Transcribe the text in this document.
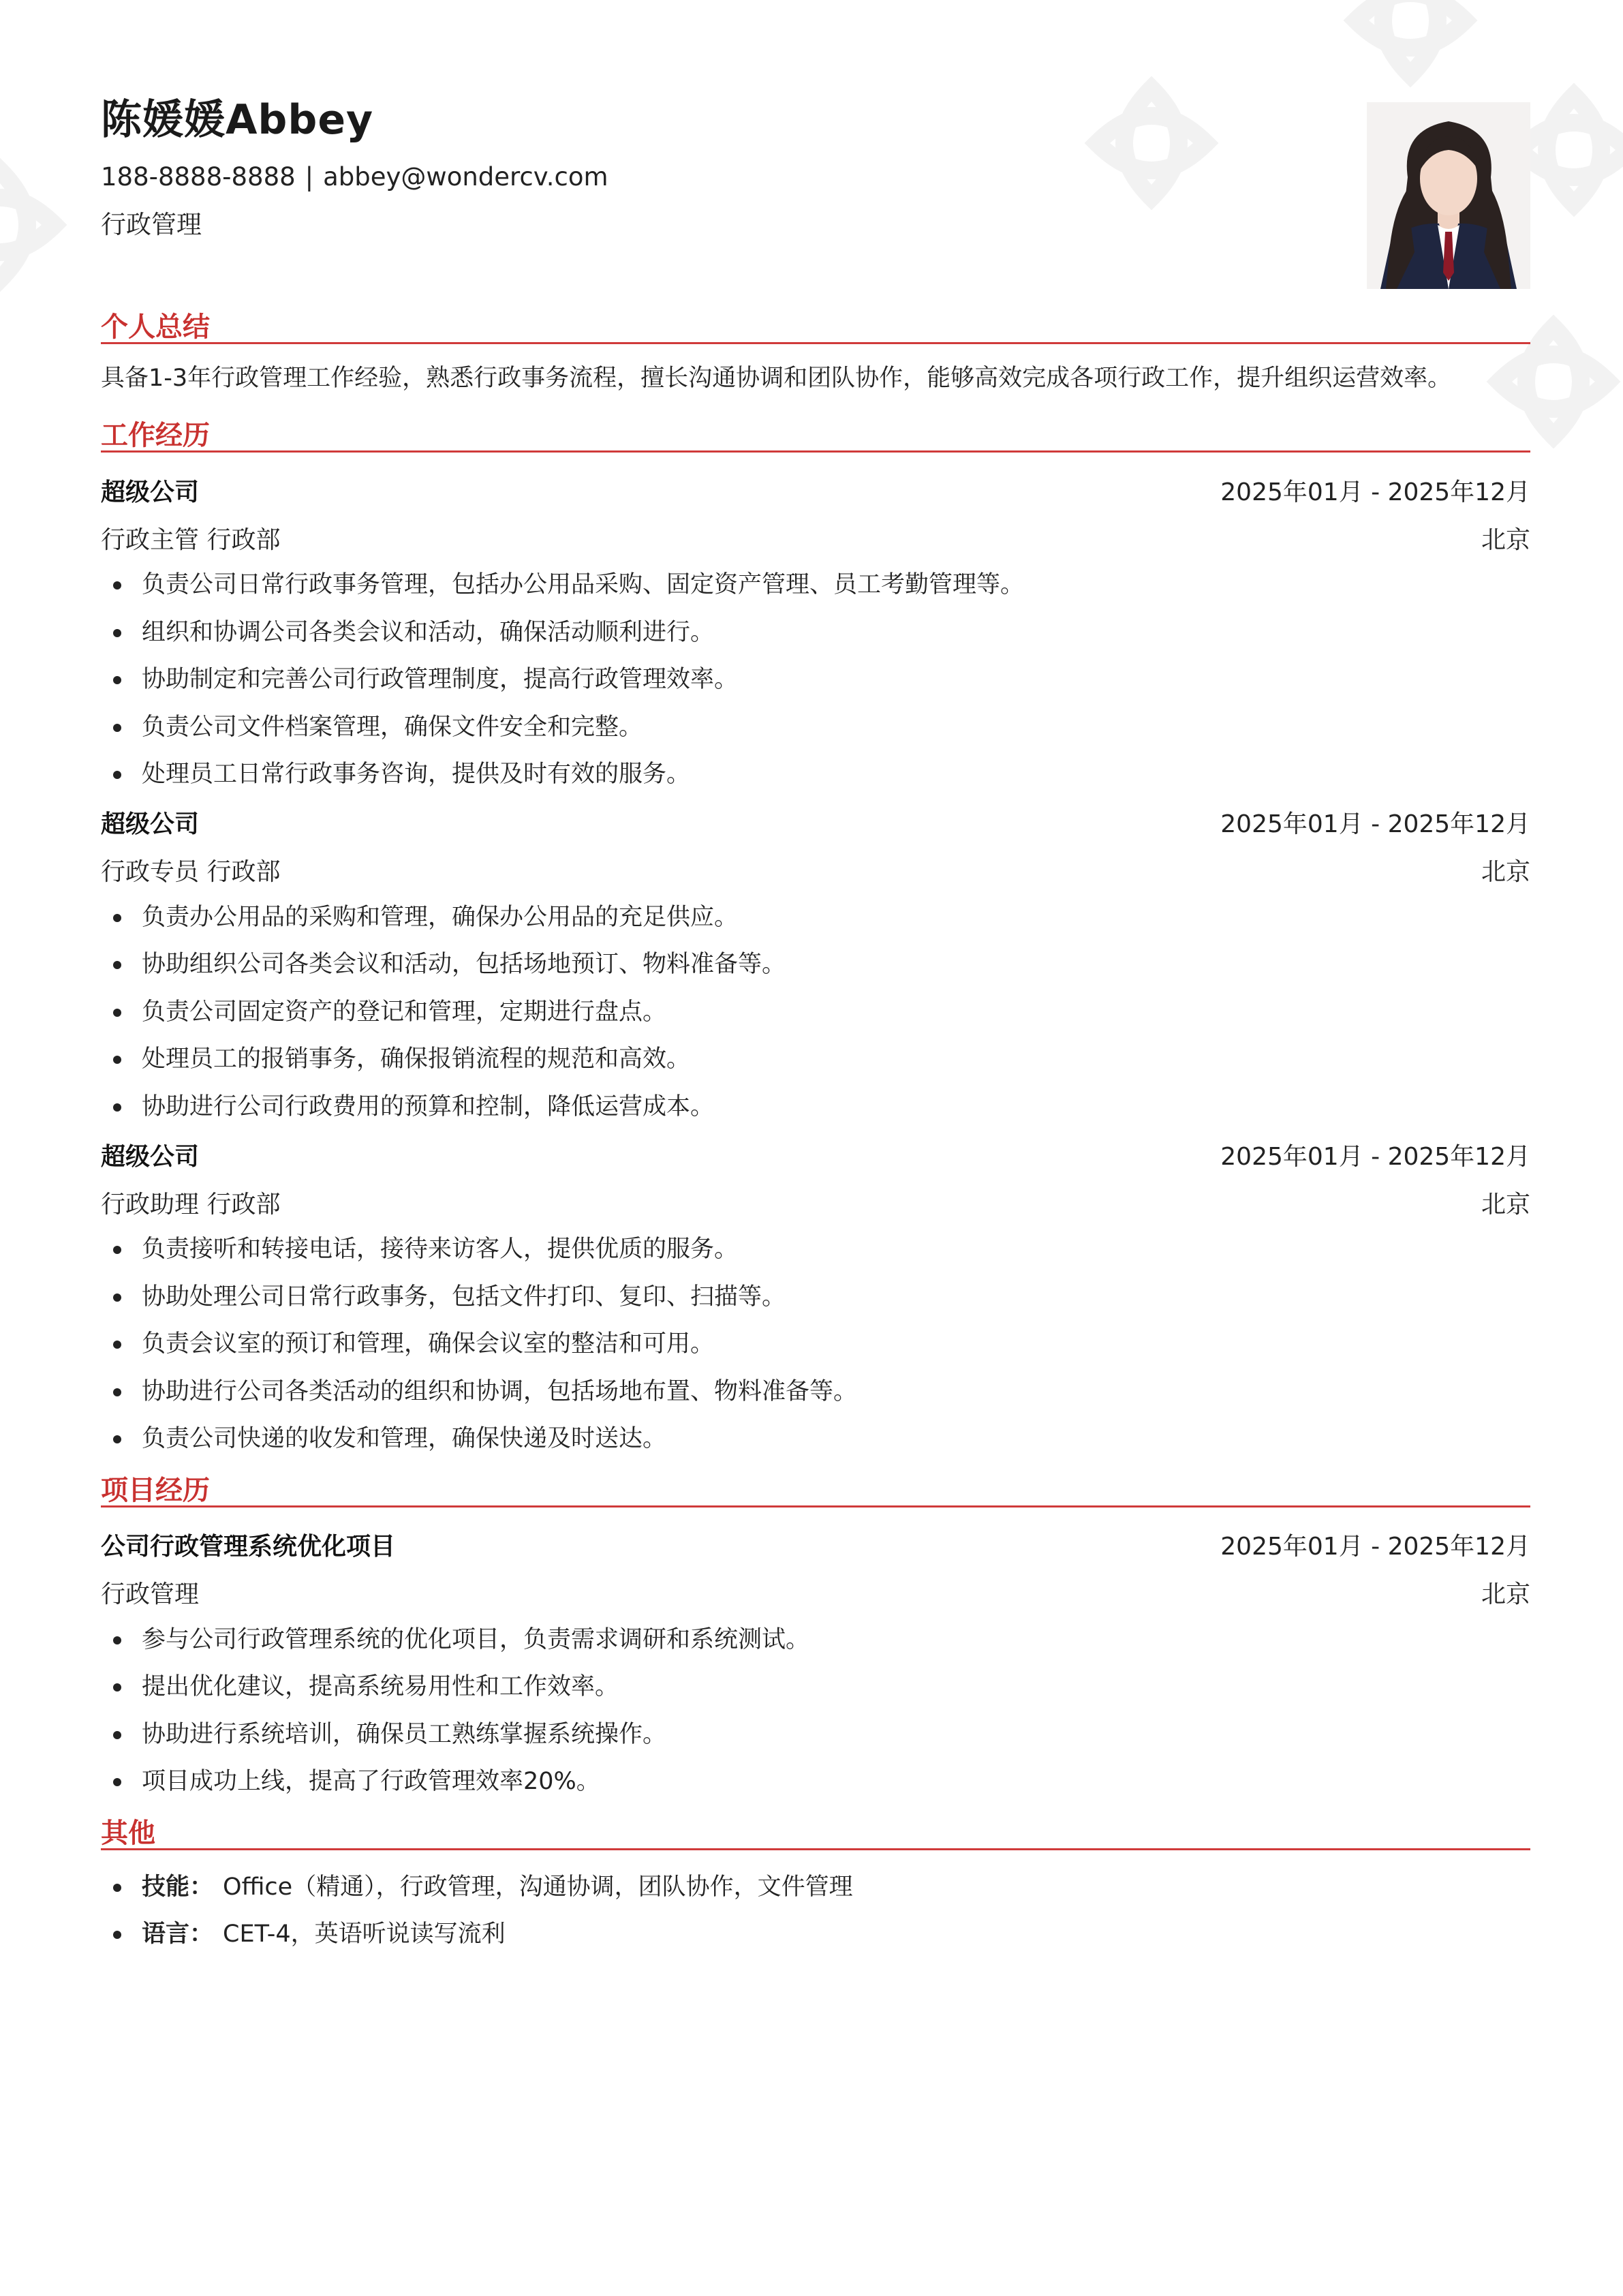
陈媛媛Abbey
188-8888-8888 | abbey@wondercv.com
行政管理
个人总结
具备1-3年行政管理工作经验，熟悉行政事务流程，擅长沟通协调和团队协作，能够高效完成各项行政工作，提升组织运营效率。
工作经历
超级公司	2025年01月 - 2025年12月
行政主管 行政部	北京
负责公司日常行政事务管理，包括办公用品采购、固定资产管理、员工考勤管理等。
组织和协调公司各类会议和活动，确保活动顺利进行。
协助制定和完善公司行政管理制度，提高行政管理效率。
负责公司文件档案管理，确保文件安全和完整。
处理员工日常行政事务咨询，提供及时有效的服务。
超级公司	2025年01月 - 2025年12月
行政专员 行政部	北京
负责办公用品的采购和管理，确保办公用品的充足供应。
协助组织公司各类会议和活动，包括场地预订、物料准备等。
负责公司固定资产的登记和管理，定期进行盘点。
处理员工的报销事务，确保报销流程的规范和高效。
协助进行公司行政费用的预算和控制，降低运营成本。
超级公司	2025年01月 - 2025年12月
行政助理 行政部	北京
负责接听和转接电话，接待来访客人，提供优质的服务。
协助处理公司日常行政事务，包括文件打印、复印、扫描等。
负责会议室的预订和管理，确保会议室的整洁和可用。
协助进行公司各类活动的组织和协调，包括场地布置、物料准备等。
负责公司快递的收发和管理，确保快递及时送达。
项目经历
公司行政管理系统优化项目	2025年01月 - 2025年12月
行政管理	北京
参与公司行政管理系统的优化项目，负责需求调研和系统测试。
提出优化建议，提高系统易用性和工作效率。
协助进行系统培训，确保员工熟练掌握系统操作。
项目成功上线，提高了行政管理效率20%。
其他
技能： Office（精通），行政管理，沟通协调，团队协作，文件管理
语言： CET-4，英语听说读写流利
